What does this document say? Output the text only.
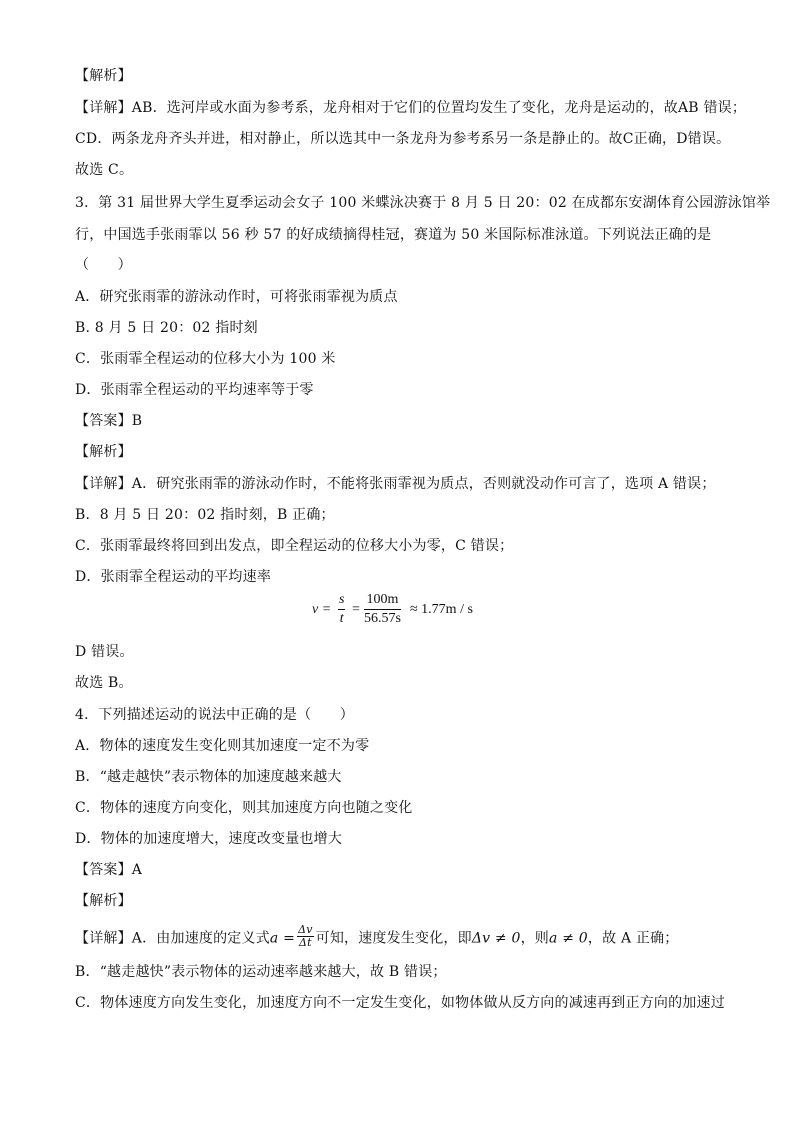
【解析】
【详解】AB．选河岸或水面为参考系，龙舟相对于它们的位置均发生了变化，龙舟是运动的，故AB 错误；
CD．两条龙舟齐头并进，相对静止，所以选其中一条龙舟为参考系另一条是静止的。故C正确，D错误。
故选 C。
3．第 31 届世界大学生夏季运动会女子 100 米蝶泳决赛于 8 月 5 日 20：02 在成都东安湖体育公园游泳馆举
行，中国选手张雨霏以 56 秒 57 的好成绩摘得桂冠，赛道为 50 米国际标准泳道。下列说法正确的是
（　　）
A．研究张雨霏的游泳动作时，可将张雨霏视为质点
B. 8 月 5 日 20：02 指时刻
C．张雨霏全程运动的位移大小为 100 米
D．张雨霏全程运动的平均速率等于零
【答案】B
【解析】
【详解】A．研究张雨霏的游泳动作时，不能将张雨霏视为质点，否则就没动作可言了，选项 A 错误；
B．8 月 5 日 20：02 指时刻，B 正确；
C．张雨霏最终将回到出发点，即全程运动的位移大小为零，C 错误；
D．张雨霏全程运动的平均速率
$v = \frac{s}{t} = \frac{100m}{56.57s} \approx 1.77m / s$
D 错误。
故选 B。
4．下列描述运动的说法中正确的是（　　）
A．物体的速度发生变化则其加速度一定不为零
B．“越走越快”表示物体的加速度越来越大
C．物体的速度方向变化，则其加速度方向也随之变化
D．物体的加速度增大，速度改变量也增大
【答案】A
【解析】
【详解】A．由加速度的定义式$a = \frac{\Delta v}{\Delta t}$ 可知，速度发生变化，即Δv ≠ 0，则a ≠ 0，故 A 正确；
B．“越走越快”表示物体的运动速率越来越大，故 B 错误；
C．物体速度方向发生变化，加速度方向不一定发生变化，如物体做从反方向的减速再到正方向的加速过
